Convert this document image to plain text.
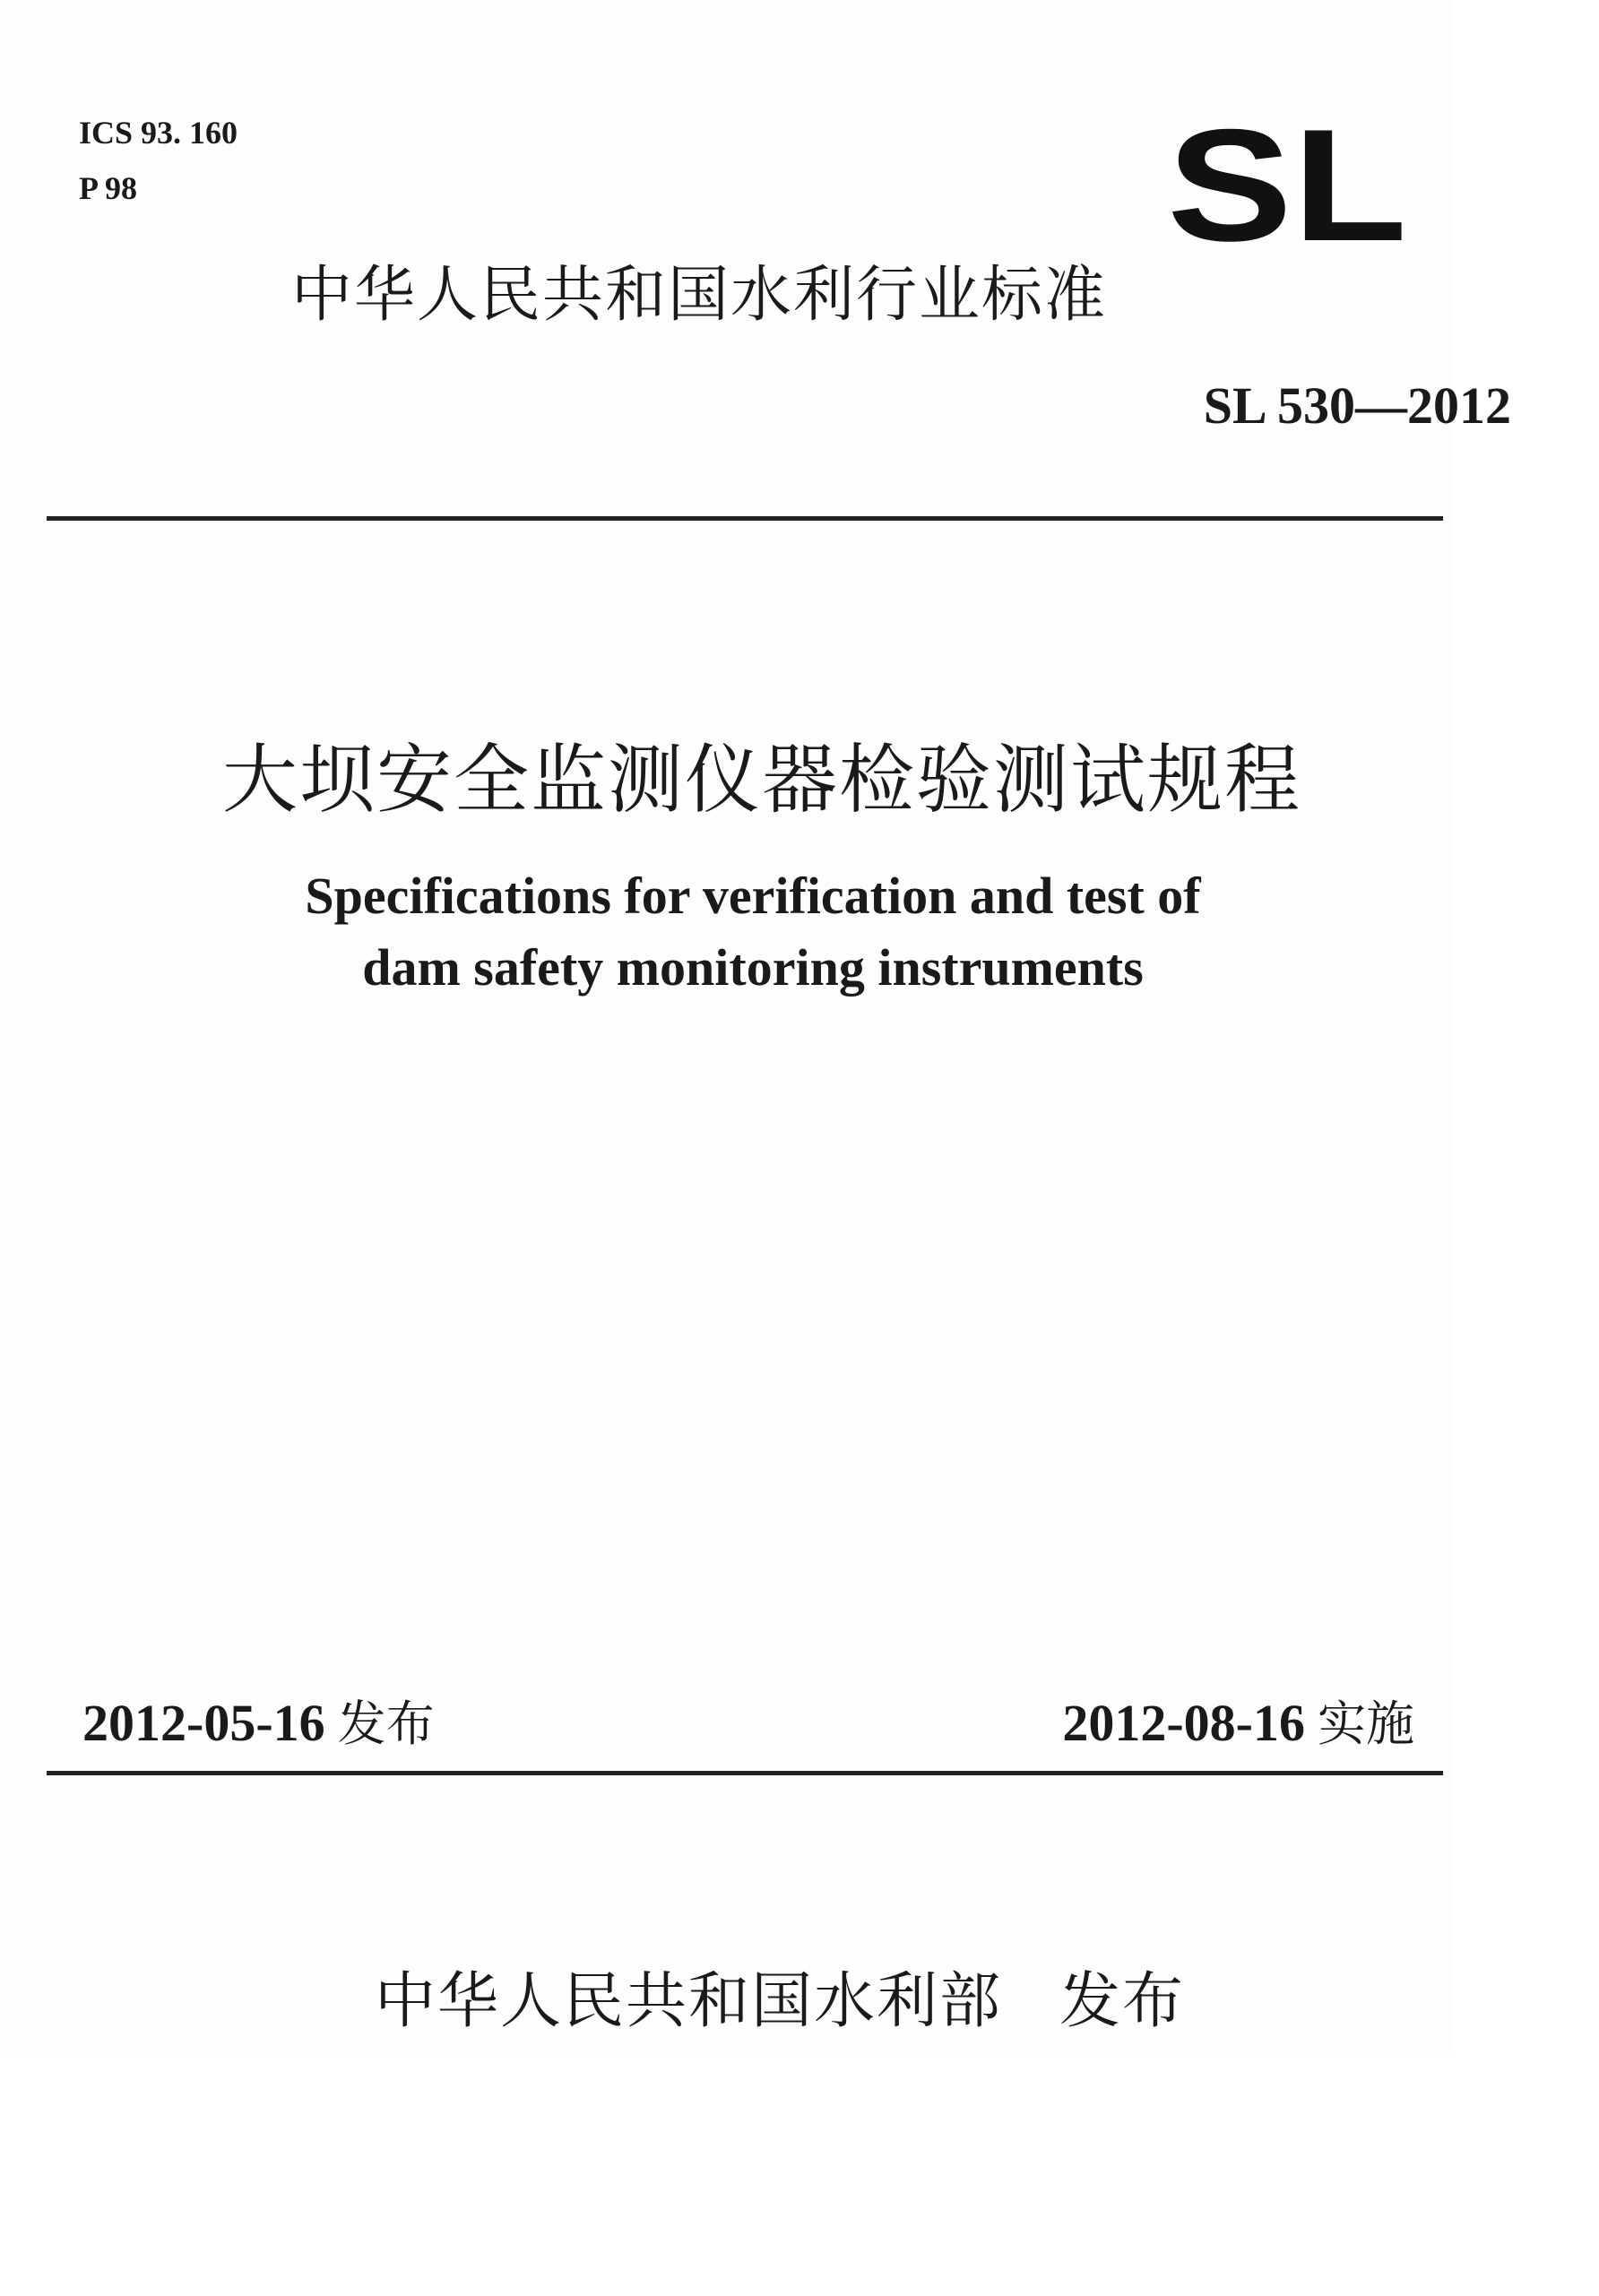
ICS 93. 160
P 98	SL
中华人民共和国水利行业标准
SL 530—2012
大坝安全监测仪器检验测试规程
Specifications for verification and test of
dam safety monitoring instruments
2012-05-16 发布	2012-08-16 实施
中华人民共和国水利部 发布
